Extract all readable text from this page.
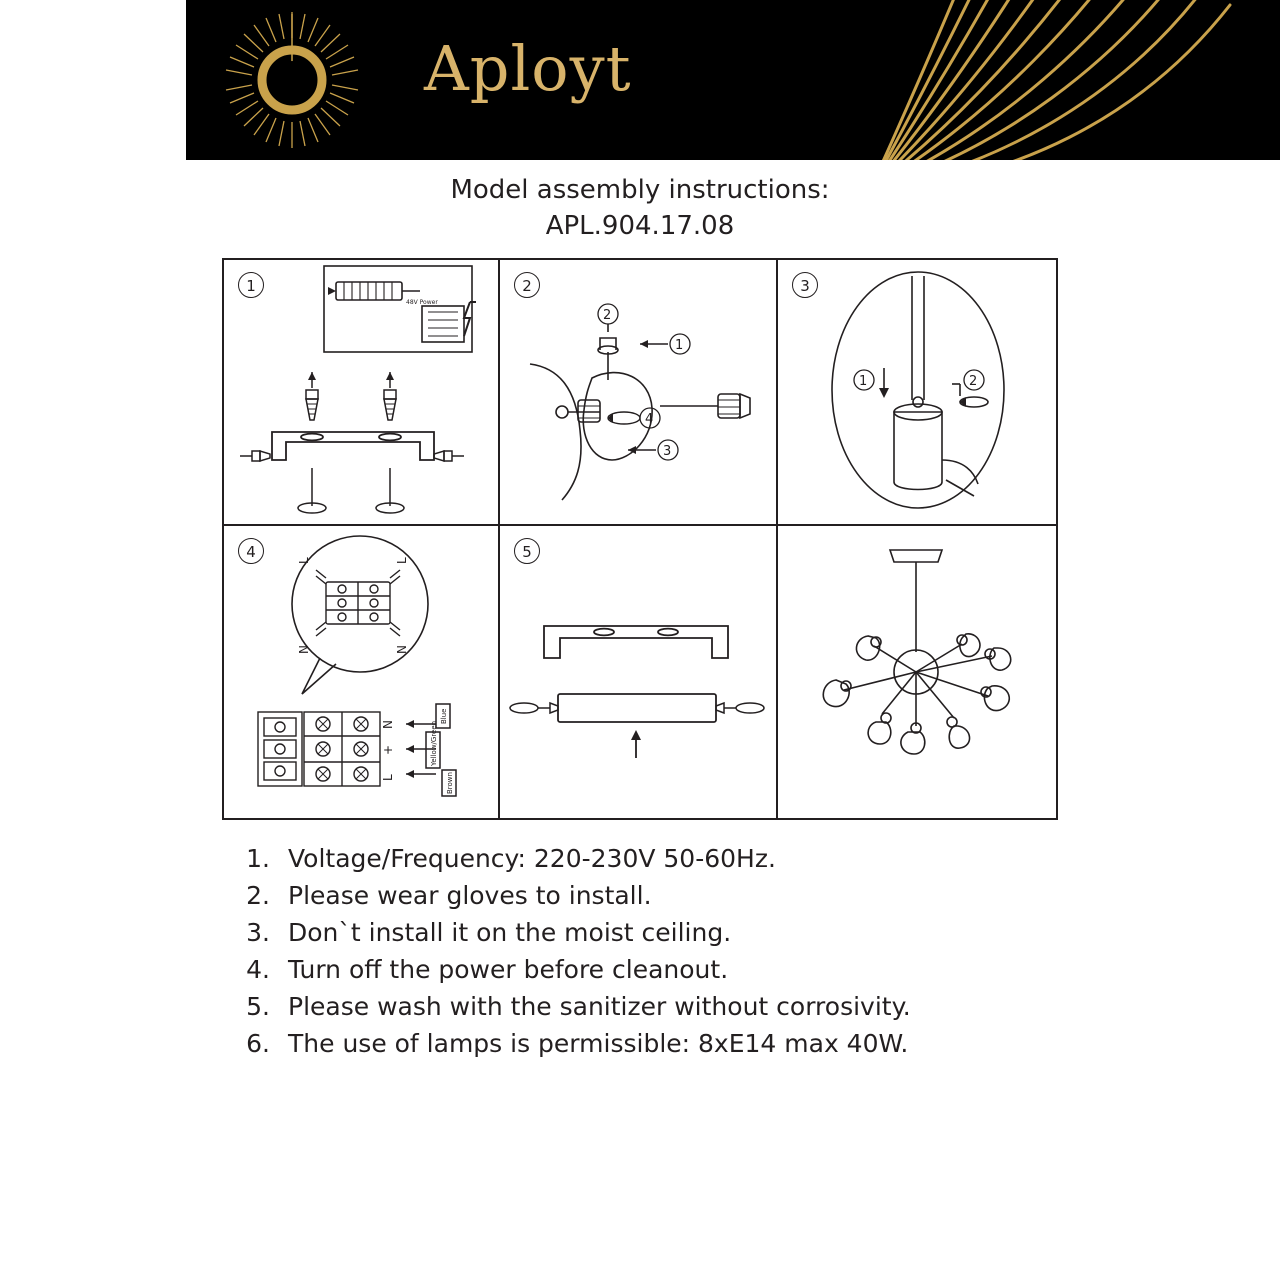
Aployt
Model assembly instructions:
APL.904.17.08
1
48V Power
2
2
1
3
4
3
1	2
4	L	L
N	N
N
+
L
Blue
Yellow/Green
Brown
5
1. Voltage/Frequency: 220-230V 50-60Hz.
2. Please wear gloves to install.
3. Don`t install it on the moist ceiling.
4. Turn off the power before cleanout.
5. Please wash with the sanitizer without corrosivity.
6. The use of lamps is permissible: 8xE14 max 40W.
